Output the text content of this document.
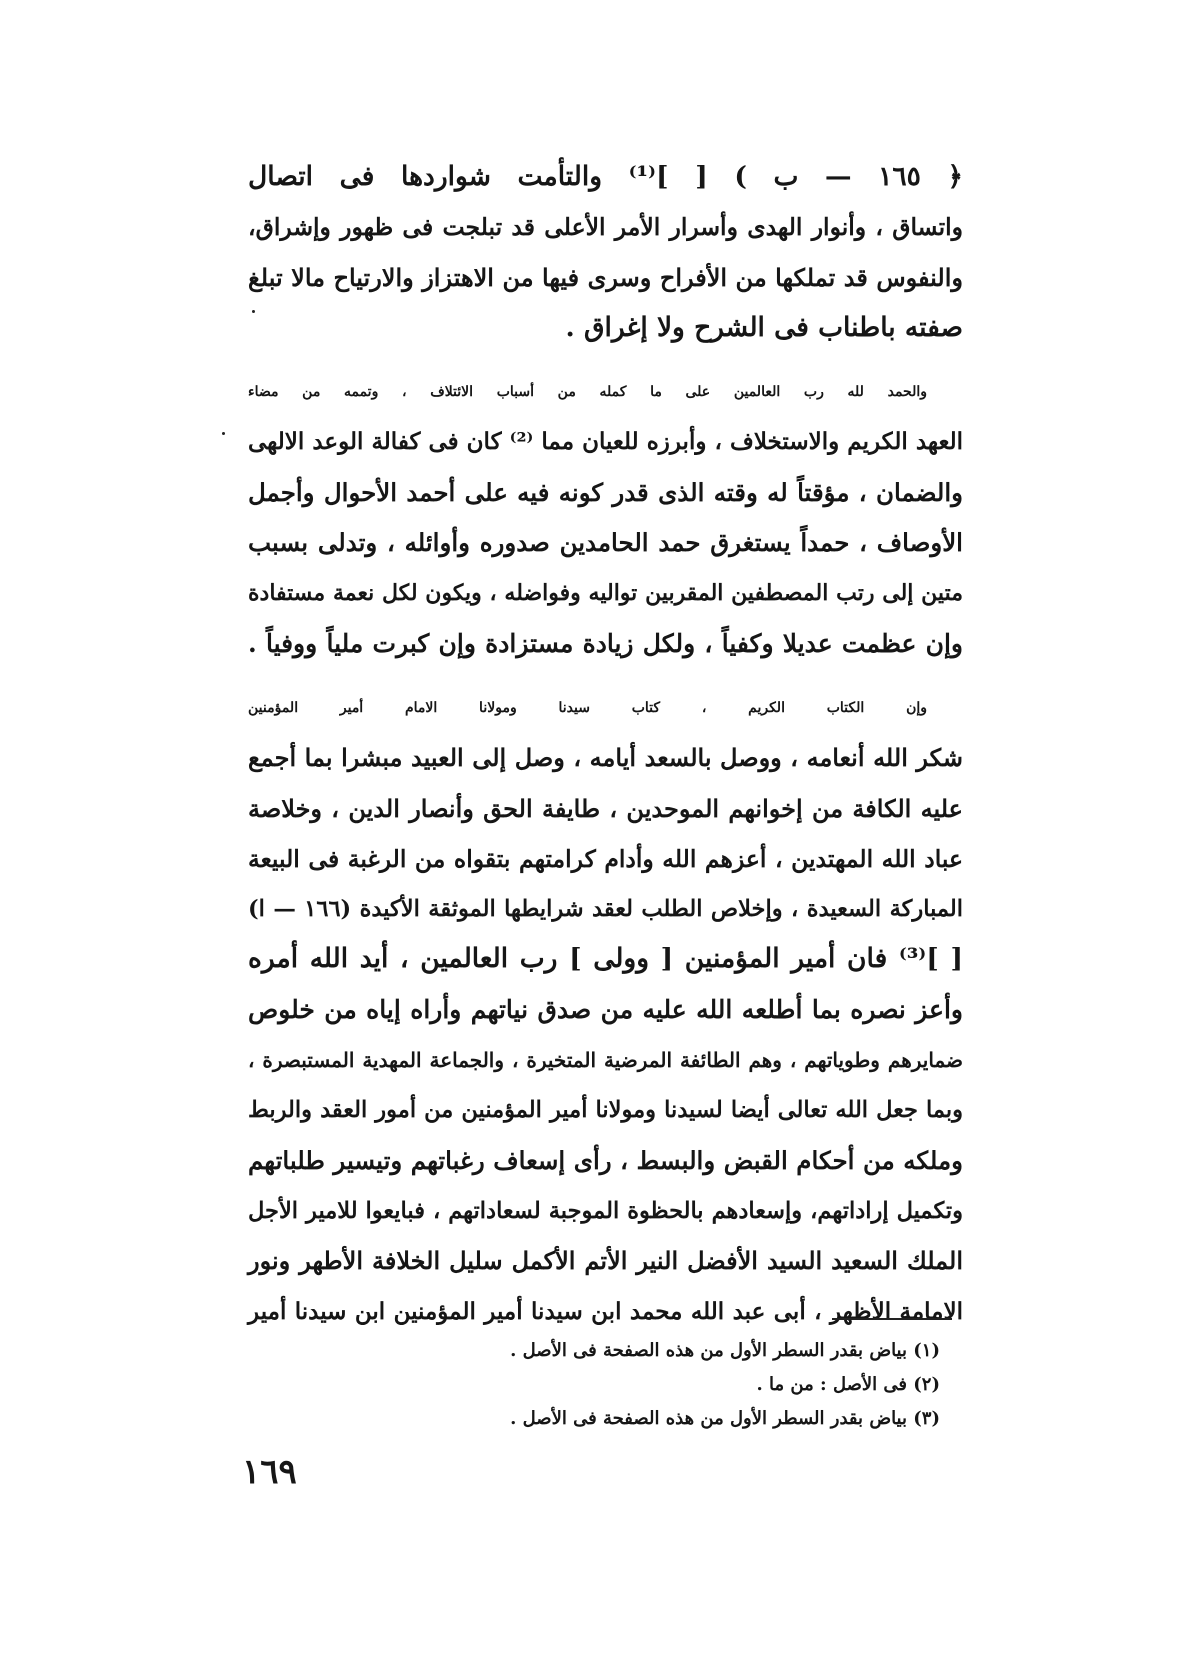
﴿ ١٦٥ — ب ) [ ]⁽¹⁾ والتأمت شواردها فى اتصال
واتساق ، وأنوار الهدى وأسرار الأمر الأعلى قد تبلجت فى ظهور وإشراق،
والنفوس قد تملكها من الأفراح وسرى فيها من الاهتزاز والارتياح مالا تبلغ
صفته باطناب فى الشرح ولا إغراق .
والحمد لله رب العالمين على ما كمله من أسباب الائتلاف ، وتممه من مضاء
العهد الكريم والاستخلاف ، وأبرزه للعيان مما ⁽²⁾ كان فى كفالة الوعد الالهى
والضمان ، مؤقتاً له وقته الذى قدر كونه فيه على أحمد الأحوال وأجمل
الأوصاف ، حمداً يستغرق حمد الحامدين صدوره وأوائله ، وتدلى بسبب
متين إلى رتب المصطفين المقربين تواليه وفواضله ، ويكون لكل نعمة مستفادة
وإن عظمت عديلا وكفياً ، ولكل زيادة مستزادة وإن كبرت ملياً ووفياً .
وإن الكتاب الكريم ، كتاب سيدنا ومولانا الامام أمير المؤمنين
شكر الله أنعامه ، ووصل بالسعد أيامه ، وصل إلى العبيد مبشرا بما أجمع
عليه الكافة من إخوانهم الموحدين ، طايفة الحق وأنصار الدين ، وخلاصة
عباد الله المهتدين ، أعزهم الله وأدام كرامتهم بتقواه من الرغبة فى البيعة
المباركة السعيدة ، وإخلاص الطلب لعقد شرايطها الموثقة الأكيدة (١٦٦ — ا)
[ ]⁽³⁾ فان أمير المؤمنين [ وولى ] رب العالمين ، أيد الله أمره
وأعز نصره بما أطلعه الله عليه من صدق نياتهم وأراه إياه من خلوص
ضمايرهم وطوياتهم ، وهم الطائفة المرضية المتخيرة ، والجماعة المهدية المستبصرة ،
وبما جعل الله تعالى أيضا لسيدنا ومولانا أمير المؤمنين من أمور العقد والربط
وملكه من أحكام القبض والبسط ، رأى إسعاف رغباتهم وتيسير طلباتهم
وتكميل إراداتهم، وإسعادهم بالحظوة الموجبة لسعاداتهم ، فبايعوا للامير الأجل
الملك السعيد السيد الأفضل النير الأتم الأكمل سليل الخلافة الأطهر ونور
الامامة الأظهر ، أبى عبد الله محمد ابن سيدنا أمير المؤمنين ابن سيدنا أمير
(١) بياض بقدر السطر الأول من هذه الصفحة فى الأصل .
(٢) فى الأصل : من ما .
(٣) بياض بقدر السطر الأول من هذه الصفحة فى الأصل .
١٦٩
